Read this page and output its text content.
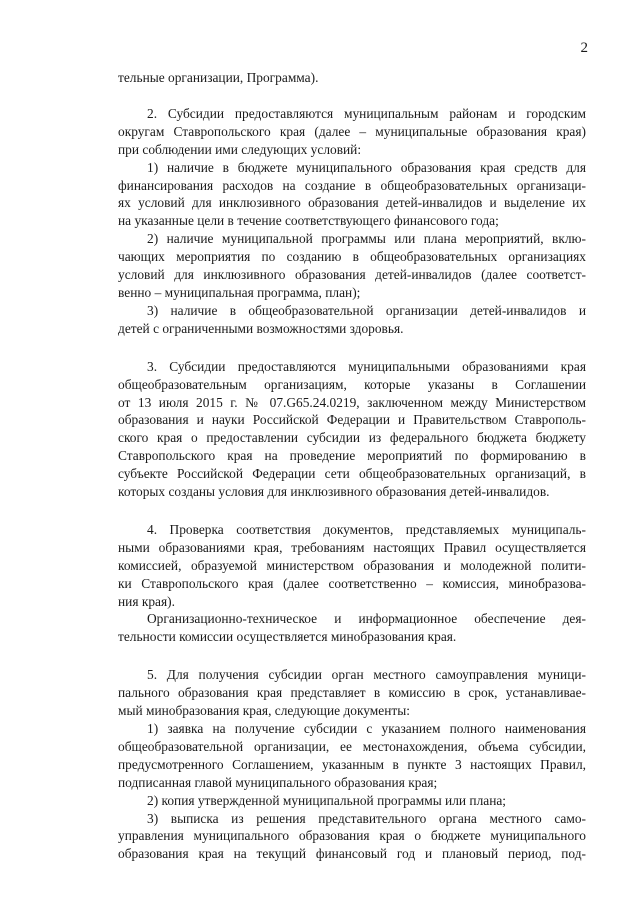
2

тельные организации, Программа).

2. Субсидии предоставляются муниципальным районам и городским
округам Ставропольского края (далее – муниципальные образования края)
при соблюдении ими следующих условий:

1) наличие в бюджете муниципального образования края средств для
финансирования расходов на создание в общеобразовательных организаци-
ях условий для инклюзивного образования детей-инвалидов и выделение их
на указанные цели в течение соответствующего финансового года;

2) наличие муниципальной программы или плана мероприятий, вклю-
чающих мероприятия по созданию в общеобразовательных организациях
условий для инклюзивного образования детей-инвалидов (далее соответст-
венно – муниципальная программа, план);

3) наличие в общеобразовательной организации детей-инвалидов и
детей с ограниченными возможностями здоровья.

3. Субсидии предоставляются муниципальными образованиями края
общеобразовательным организациям, которые указаны в Соглашении
от 13 июля 2015 г. № 07.G65.24.0219, заключенном между Министерством
образования и науки Российской Федерации и Правительством Ставрополь-
ского края о предоставлении субсидии из федерального бюджета бюджету
Ставропольского края на проведение мероприятий по формированию в
субъекте Российской Федерации сети общеобразовательных организаций, в
которых созданы условия для инклюзивного образования детей-инвалидов.

4. Проверка соответствия документов, представляемых муниципаль-
ными образованиями края, требованиям настоящих Правил осуществляется
комиссией, образуемой министерством образования и молодежной полити-
ки Ставропольского края (далее соответственно – комиссия, минобразова-
ния края).

Организационно-техническое и информационное обеспечение дея-
тельности комиссии осуществляется минобразования края.

5. Для получения субсидии орган местного самоуправления муници-
пального образования края представляет в комиссию в срок, устанавливае-
мый минобразования края, следующие документы:

1) заявка на получение субсидии с указанием полного наименования
общеобразовательной организации, ее местонахождения, объема субсидии,
предусмотренного Соглашением, указанным в пункте 3 настоящих Правил,
подписанная главой муниципального образования края;

2) копия утвержденной муниципальной программы или плана;

3) выписка из решения представительного органа местного само-
управления муниципального образования края о бюджете муниципального
образования края на текущий финансовый год и плановый период, под-
